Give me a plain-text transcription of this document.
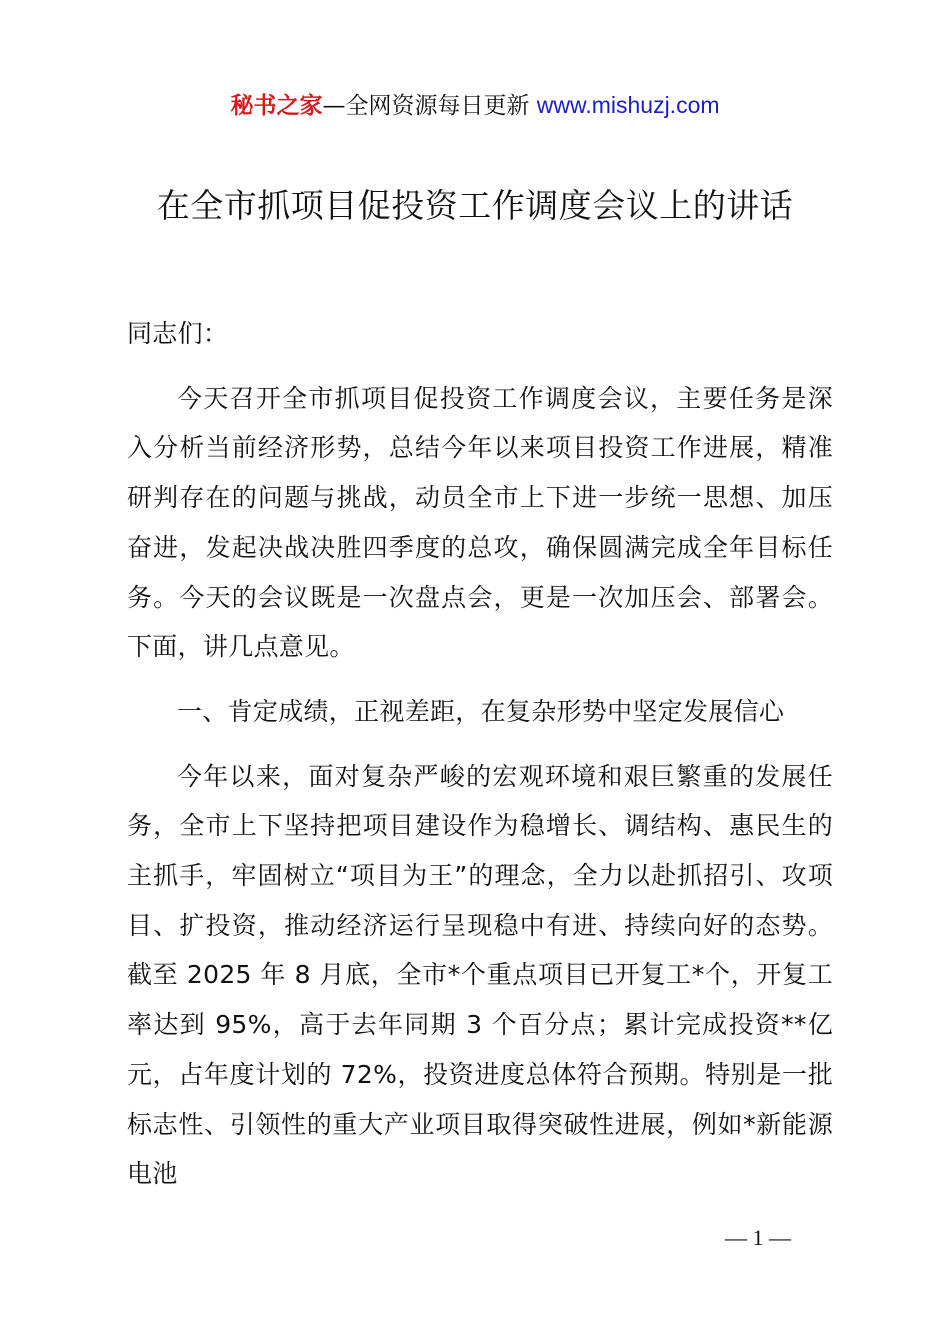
秘书之家—全网资源每日更新 www.mishuzj.com
在全市抓项目促投资工作调度会议上的讲话

同志们：

今天召开全市抓项目促投资工作调度会议，主要任务是深入分析当前经济形势，总结今年以来项目投资工作进展，精准研判存在的问题与挑战，动员全市上下进一步统一思想、加压奋进，发起决战决胜四季度的总攻，确保圆满完成全年目标任务。今天的会议既是一次盘点会，更是一次加压会、部署会。下面，讲几点意见。

一、肯定成绩，正视差距，在复杂形势中坚定发展信心

今年以来，面对复杂严峻的宏观环境和艰巨繁重的发展任务，全市上下坚持把项目建设作为稳增长、调结构、惠民生的主抓手，牢固树立“项目为王”的理念，全力以赴抓招引、攻项目、扩投资，推动经济运行呈现稳中有进、持续向好的态势。截至 2025 年 8 月底，全市*个重点项目已开复工*个，开复工率达到 95%，高于去年同期 3 个百分点；累计完成投资**亿元，占年度计划的 72%，投资进度总体符合预期。特别是一批标志性、引领性的重大产业项目取得突破性进展，例如*新能源电池

— 1 —
